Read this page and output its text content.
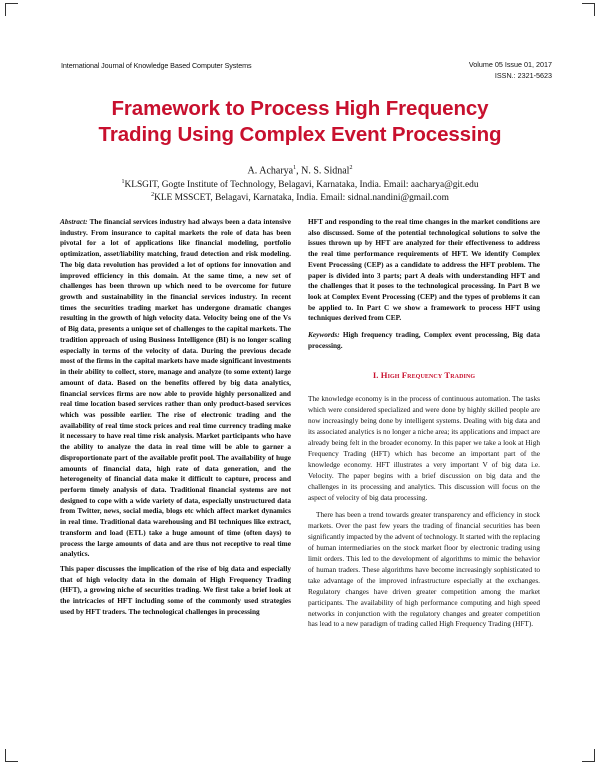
International Journal of Knowledge Based Computer Systems	Volume 05 Issue 01, 2017
ISSN.: 2321-5623
Framework to Process High Frequency
Trading Using Complex Event Processing
A. Acharya$^1$, N. S. Sidnal$^2$
$^1$KLSGIT, Gogte Institute of Technology, Belagavi, Karnataka, India. Email: aacharya@git.edu
$^2$KLE MSSCET, Belagavi, Karnataka, India. Email: sidnal.nandini@gmail.com

Abstract: The financial services industry had always been a data intensive industry. From insurance to capital markets the role of data has been pivotal for a lot of applications like financial modeling, portfolio optimization, asset/liability matching, fraud detection and risk modeling. The big data revolution has provided a lot of options for innovation and improved efficiency in this domain. At the same time, a new set of challenges has been thrown up which need to be overcome for future growth and sustainability in the financial services industry. In recent times the securities trading market has undergone dramatic changes resulting in the growth of high velocity data. Velocity being one of the Vs of Big data, presents a unique set of challenges to the capital markets. The tradition approach of using Business Intelligence (BI) is no longer scaling especially in terms of the velocity of data. During the previous decade most of the firms in the capital markets have made significant investments in their ability to collect, store, manage and analyze (to some extent) large amount of data. Based on the benefits offered by big data analytics, financial services firms are now able to provide highly personalized and real time location based services rather than only product-based services which was possible earlier. The rise of electronic trading and the availability of real time stock prices and real time currency trading make it necessary to have real time risk analysis. Market participants who have the ability to analyze the data in real time will be able to garner a disproportionate part of the available profit pool. The availability of huge amounts of financial data, high rate of data generation, and the heterogeneity of financial data make it difficult to capture, process and perform timely analysis of data. Traditional financial systems are not designed to cope with a wide variety of data, especially unstructured data from Twitter, news, social media, blogs etc which affect market dynamics in real time. Traditional data warehousing and BI techniques like extract, transform and load (ETL) take a huge amount of time (often days) to process the large amounts of data and are thus not receptive to real time analytics.

This paper discusses the implication of the rise of big data and especially that of high velocity data in the domain of High Frequency Trading (HFT), a growing niche of securities trading. We first take a brief look at the intricacies of HFT including some of the commonly used strategies used by HFT traders. The technological challenges in processing

HFT and responding to the real time changes in the market conditions are also discussed. Some of the potential technological solutions to solve the issues thrown up by HFT are analyzed for their effectiveness to address the real time performance requirements of HFT. We identify Complex Event Processing (CEP) as a candidate to address the HFT problem. The paper is divided into 3 parts; part A deals with understanding HFT and the challenges that it poses to the technological processing. In Part B we look at Complex Event Processing (CEP) and the types of problems it can be applied to. In Part C we show a framework to process HFT using techniques derived from CEP.

Keywords: High frequency trading, Complex event processing, Big data processing.

I. High Frequency Trading

The knowledge economy is in the process of continuous automation. The tasks which were considered specialized and were done by highly skilled people are now increasingly being done by intelligent systems. Dealing with big data and its associated analytics is no longer a niche area; its applications and impact are already being felt in the broader economy. In this paper we take a look at High Frequency Trading (HFT) which has become an important part of the knowledge economy. HFT illustrates a very important V of big data i.e. Velocity. The paper begins with a brief discussion on big data and the challenges in its processing and analytics. This discussion will focus on the aspect of velocity of big data processing.

There has been a trend towards greater transparency and efficiency in stock markets. Over the past few years the trading of financial securities has been significantly impacted by the advent of technology. It started with the replacing of human intermediaries on the stock market floor by electronic trading using limit orders. This led to the development of algorithms to mimic the behavior of human traders. These algorithms have become increasingly sophisticated to take advantage of the improved infrastructure especially at the exchanges. Regulatory changes have driven greater competition among the market participants. The availability of high performance computing and high speed networks in conjunction with the regulatory changes and greater competition has lead to a new paradigm of trading called High Frequency Trading (HFT).
